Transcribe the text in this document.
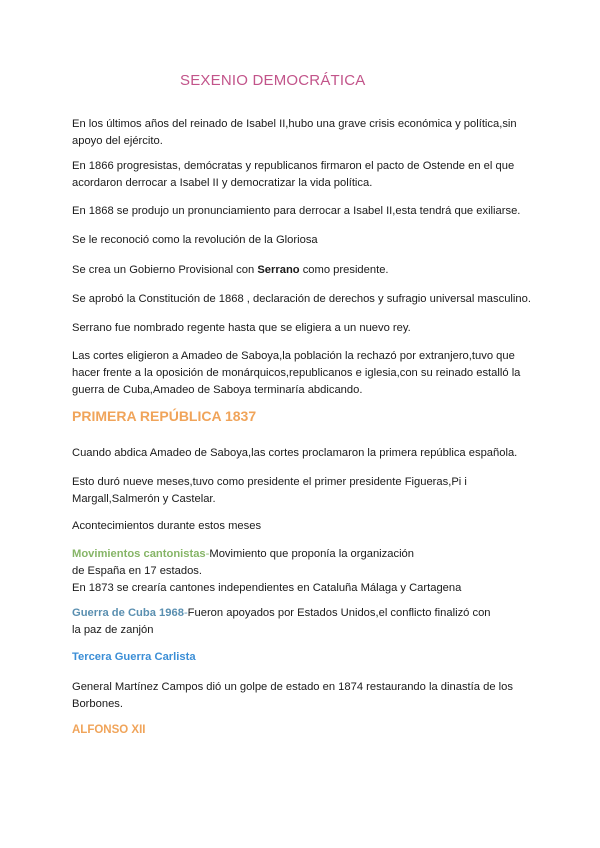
SEXENIO DEMOCRÁTICA

En los últimos años del reinado de Isabel II,hubo una grave crisis económica y política,sin apoyo del ejército.

En 1866 progresistas, demócratas y republicanos firmaron el pacto de Ostende en el que acordaron derrocar a Isabel II y democratizar la vida política.

En 1868 se produjo un pronunciamiento para derrocar a Isabel II,esta tendrá que exiliarse.

Se le reconoció como la revolución de la Gloriosa

Se crea un Gobierno Provisional con Serrano como presidente.

Se aprobó la Constitución de 1868 , declaración de derechos y sufragio universal masculino.

Serrano fue nombrado regente hasta que se eligiera a un nuevo rey.

Las cortes eligieron a Amadeo de Saboya,la población la rechazó por extranjero,tuvo que hacer frente a la oposición de monárquicos,republicanos e iglesia,con su reinado estalló la guerra de Cuba,Amadeo de Saboya terminaría abdicando.

PRIMERA REPÚBLICA 1837

Cuando abdica Amadeo de Saboya,las cortes proclamaron la primera república española.

Esto duró nueve meses,tuvo como presidente el primer presidente Figueras,Pi i Margall,Salmerón y Castelar.

Acontecimientos durante estos meses

Movimientos cantonistas-Movimiento que proponía la organización
de España en 17 estados.
En 1873 se crearía cantones independientes en Cataluña Málaga y Cartagena

Guerra de Cuba 1968-Fueron apoyados por Estados Unidos,el conflicto finalizó con
la paz de zanjón

Tercera Guerra Carlista

General Martínez Campos dió un golpe de estado en 1874 restaurando la dinastía de los Borbones.

ALFONSO XII
